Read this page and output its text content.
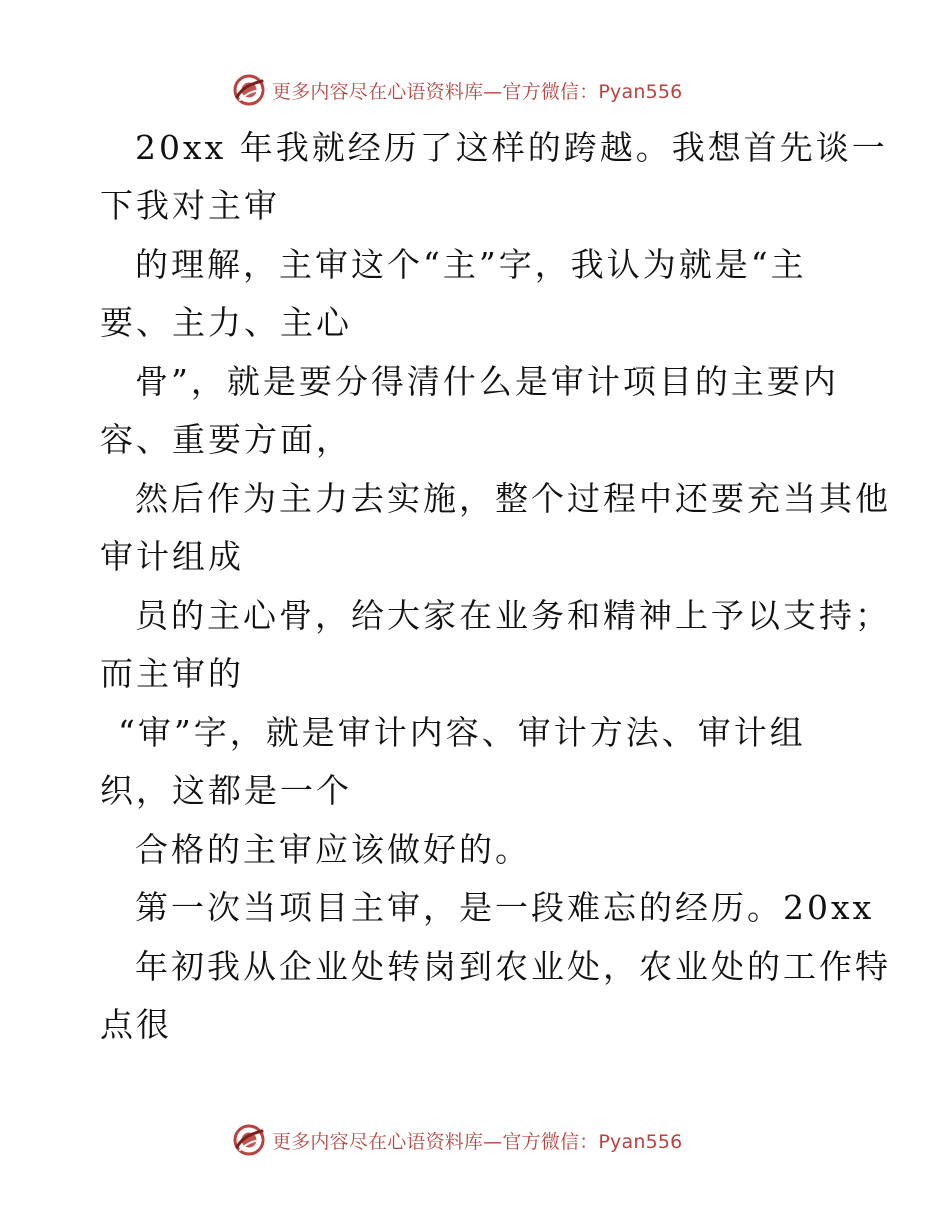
更多内容尽在心语资料库—官方微信：Pyan556
20xx 年我就经历了这样的跨越。我想首先谈一
下我对主审
的理解，主审这个“主”字，我认为就是“主
要、主力、主心
骨”，就是要分得清什么是审计项目的主要内
容、重要方面，
然后作为主力去实施，整个过程中还要充当其他
审计组成
员的主心骨，给大家在业务和精神上予以支持；
而主审的
“审”字，就是审计内容、审计方法、审计组
织，这都是一个
合格的主审应该做好的。
第一次当项目主审，是一段难忘的经历。20xx
年初我从企业处转岗到农业处，农业处的工作特
点很
更多内容尽在心语资料库—官方微信：Pyan556
